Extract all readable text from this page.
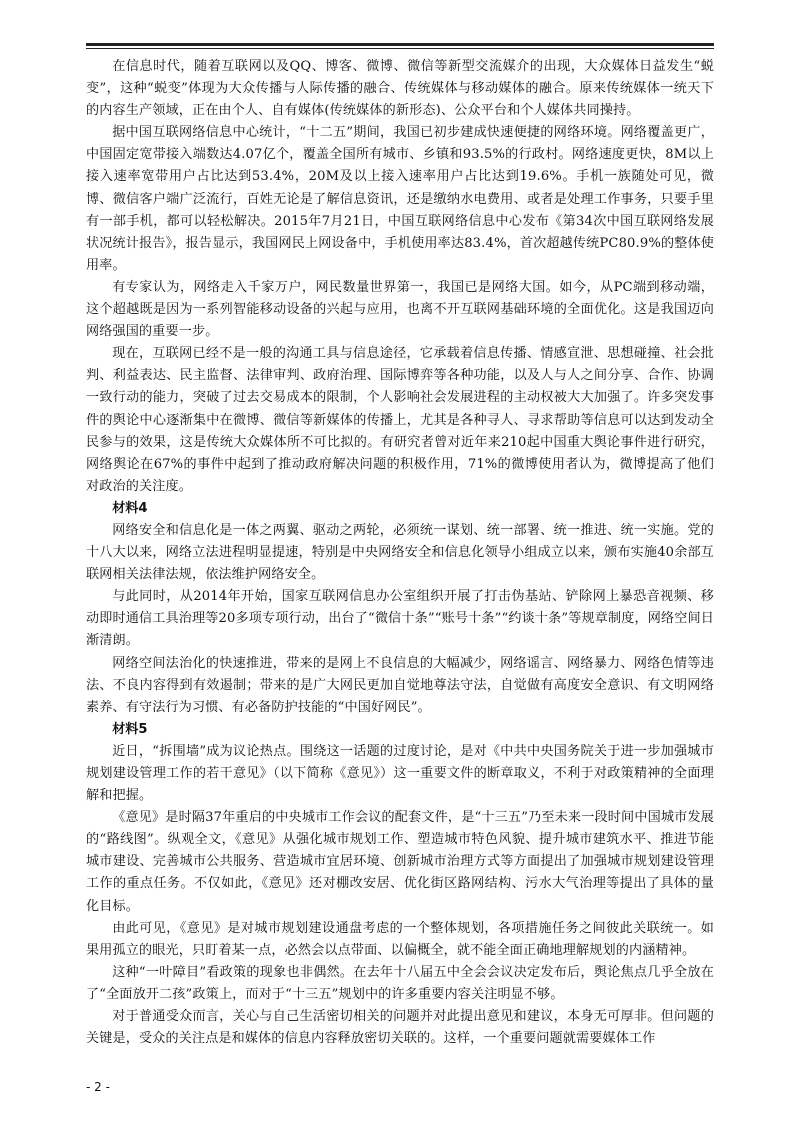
在信息时代，随着互联网以及QQ、博客、微博、微信等新型交流媒介的出现，大众媒体日益发生“蜕变”，这种“蜕变”体现为大众传播与人际传播的融合、传统媒体与移动媒体的融合。原来传统媒体一统天下的内容生产领域，正在由个人、自有媒体(传统媒体的新形态)、公众平台和个人媒体共同操持。

据中国互联网络信息中心统计，“十二五”期间，我国已初步建成快速便捷的网络环境。网络覆盖更广，中国固定宽带接入端数达4.07亿个，覆盖全国所有城市、乡镇和93.5%的行政村。网络速度更快，8M以上接入速率宽带用户占比达到53.4%，20M及以上接入速率用户占比达到19.6%。手机一族随处可见，微博、微信客户端广泛流行，百姓无论是了解信息资讯，还是缴纳水电费用、或者是处理工作事务，只要手里有一部手机，都可以轻松解决。2015年7月21日，中国互联网络信息中心发布《第34次中国互联网络发展状况统计报告》，报告显示，我国网民上网设备中，手机使用率达83.4%，首次超越传统PC80.9%的整体使用率。

有专家认为，网络走入千家万户，网民数量世界第一，我国已是网络大国。如今，从PC端到移动端，这个超越既是因为一系列智能移动设备的兴起与应用，也离不开互联网基础环境的全面优化。这是我国迈向网络强国的重要一步。

现在，互联网已经不是一般的沟通工具与信息途径，它承载着信息传播、情感宣泄、思想碰撞、社会批判、利益表达、民主监督、法律审判、政府治理、国际博弈等各种功能，以及人与人之间分享、合作、协调一致行动的能力，突破了过去交易成本的限制，个人影响社会发展进程的主动权被大大加强了。许多突发事件的舆论中心逐渐集中在微博、微信等新媒体的传播上，尤其是各种寻人、寻求帮助等信息可以达到发动全民参与的效果，这是传统大众媒体所不可比拟的。有研究者曾对近年来210起中国重大舆论事件进行研究，网络舆论在67%的事件中起到了推动政府解决问题的积极作用，71%的微博使用者认为，微博提高了他们对政治的关注度。

材料4

网络安全和信息化是一体之两翼、驱动之两轮，必须统一谋划、统一部署、统一推进、统一实施。党的十八大以来，网络立法进程明显提速，特别是中央网络安全和信息化领导小组成立以来，颁布实施40余部互联网相关法律法规，依法维护网络安全。

与此同时，从2014年开始，国家互联网信息办公室组织开展了打击伪基站、铲除网上暴恐音视频、移动即时通信工具治理等20多项专项行动，出台了“微信十条”“账号十条”“约谈十条”等规章制度，网络空间日渐清朗。

网络空间法治化的快速推进，带来的是网上不良信息的大幅减少，网络谣言、网络暴力、网络色情等违法、不良内容得到有效遏制；带来的是广大网民更加自觉地尊法守法，自觉做有高度安全意识、有文明网络素养、有守法行为习惯、有必备防护技能的“中国好网民”。

材料5

近日，“拆围墙”成为议论热点。围绕这一话题的过度讨论，是对《中共中央国务院关于进一步加强城市规划建设管理工作的若干意见》（以下简称《意见》）这一重要文件的断章取义，不利于对政策精神的全面理解和把握。

《意见》是时隔37年重启的中央城市工作会议的配套文件，是“十三五”乃至未来一段时间中国城市发展的“路线图”。纵观全文，《意见》从强化城市规划工作、塑造城市特色风貌、提升城市建筑水平、推进节能城市建设、完善城市公共服务、营造城市宜居环境、创新城市治理方式等方面提出了加强城市规划建设管理工作的重点任务。不仅如此，《意见》还对棚改安居、优化街区路网结构、污水大气治理等提出了具体的量化目标。

由此可见，《意见》是对城市规划建设通盘考虑的一个整体规划，各项措施任务之间彼此关联统一。如果用孤立的眼光，只盯着某一点，必然会以点带面、以偏概全，就不能全面正确地理解规划的内涵精神。

这种“一叶障目”看政策的现象也非偶然。在去年十八届五中全会会议决定发布后，舆论焦点几乎全放在了“全面放开二孩”政策上，而对于“十三五”规划中的许多重要内容关注明显不够。

对于普通受众而言，关心与自己生活密切相关的问题并对此提出意见和建议，本身无可厚非。但问题的关键是，受众的关注点是和媒体的信息内容释放密切关联的。这样，一个重要问题就需要媒体工作

- 2 -
